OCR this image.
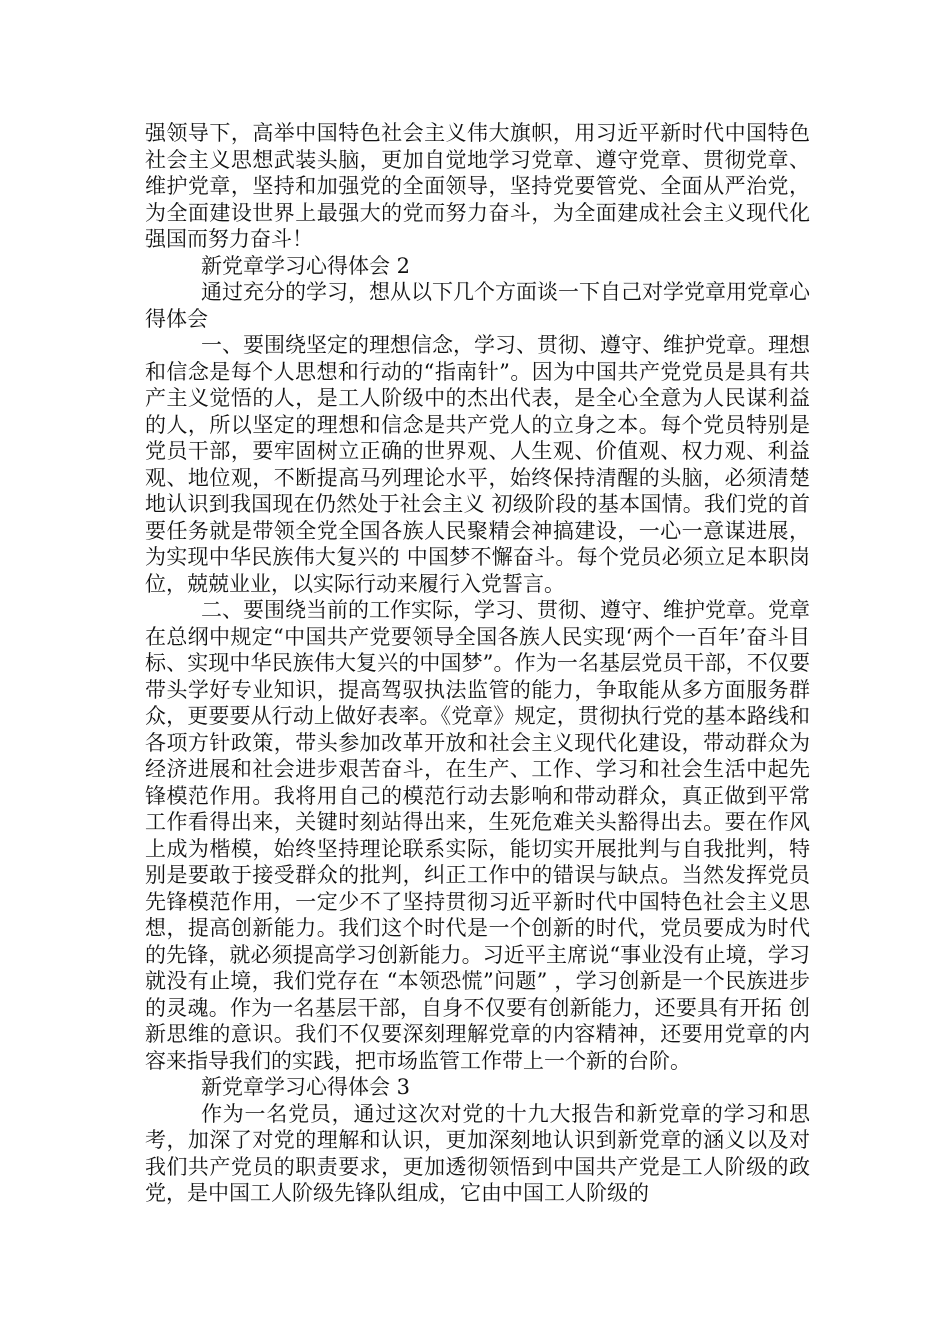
强领导下，高举中国特色社会主义伟大旗帜，用习近平新时代中国特色社会主义思想武装头脑，更加自觉地学习党章、遵守党章、贯彻党章、维护党章，坚持和加强党的全面领导，坚持党要管党、全面从严治党，为全面建设世界上最强大的党而努力奋斗，为全面建成社会主义现代化强国而努力奋斗！

新党章学习心得体会 2

通过充分的学习，想从以下几个方面谈一下自己对学党章用党章心得体会

一、要围绕坚定的理想信念，学习、贯彻、遵守、维护党章。理想和信念是每个人思想和行动的“指南针”。因为中国共产党党员是具有共产主义觉悟的人，是工人阶级中的杰出代表，是全心全意为人民谋利益的人，所以坚定的理想和信念是共产党人的立身之本。每个党员特别是党员干部，要牢固树立正确的世界观、人生观、价值观、权力观、利益观、地位观，不断提高马列理论水平，始终保持清醒的头脑，必须清楚地认识到我国现在仍然处于社会主义 初级阶段的基本国情。我们党的首要任务就是带领全党全国各族人民聚精会神搞建设，一心一意谋进展，为实现中华民族伟大复兴的 中国梦不懈奋斗。每个党员必须立足本职岗位，兢兢业业，以实际行动来履行入党誓言。

二、要围绕当前的工作实际，学习、贯彻、遵守、维护党章。党章在总纲中规定“中国共产党要领导全国各族人民实现‘两个一百年’奋斗目标、实现中华民族伟大复兴的中国梦”。作为一名基层党员干部，不仅要带头学好专业知识，提高驾驭执法监管的能力，争取能从多方面服务群众，更要要从行动上做好表率。《党章》规定，贯彻执行党的基本路线和各项方针政策，带头参加改革开放和社会主义现代化建设，带动群众为经济进展和社会进步艰苦奋斗，在生产、工作、学习和社会生活中起先锋模范作用。我将用自己的模范行动去影响和带动群众，真正做到平常工作看得出来，关键时刻站得出来，生死危难关头豁得出去。要在作风上成为楷模，始终坚持理论联系实际，能切实开展批判与自我批判，特别是要敢于接受群众的批判，纠正工作中的错误与缺点。当然发挥党员先锋模范作用，一定少不了坚持贯彻习近平新时代中国特色社会主义思想，提高创新能力。我们这个时代是一个创新的时代，党员要成为时代的先锋，就必须提高学习创新能力。习近平主席说“事业没有止境，学习就没有止境，我们党存在 “本领恐慌”问题” ，学习创新是一个民族进步的灵魂。作为一名基层干部，自身不仅要有创新能力，还要具有开拓 创新思维的意识。我们不仅要深刻理解党章的内容精神，还要用党章的内容来指导我们的实践，把市场监管工作带上一个新的台阶。

新党章学习心得体会 3

作为一名党员，通过这次对党的十九大报告和新党章的学习和思考，加深了对党的理解和认识，更加深刻地认识到新党章的涵义以及对我们共产党员的职责要求，更加透彻领悟到中国共产党是工人阶级的政党，是中国工人阶级先锋队组成，它由中国工人阶级的
